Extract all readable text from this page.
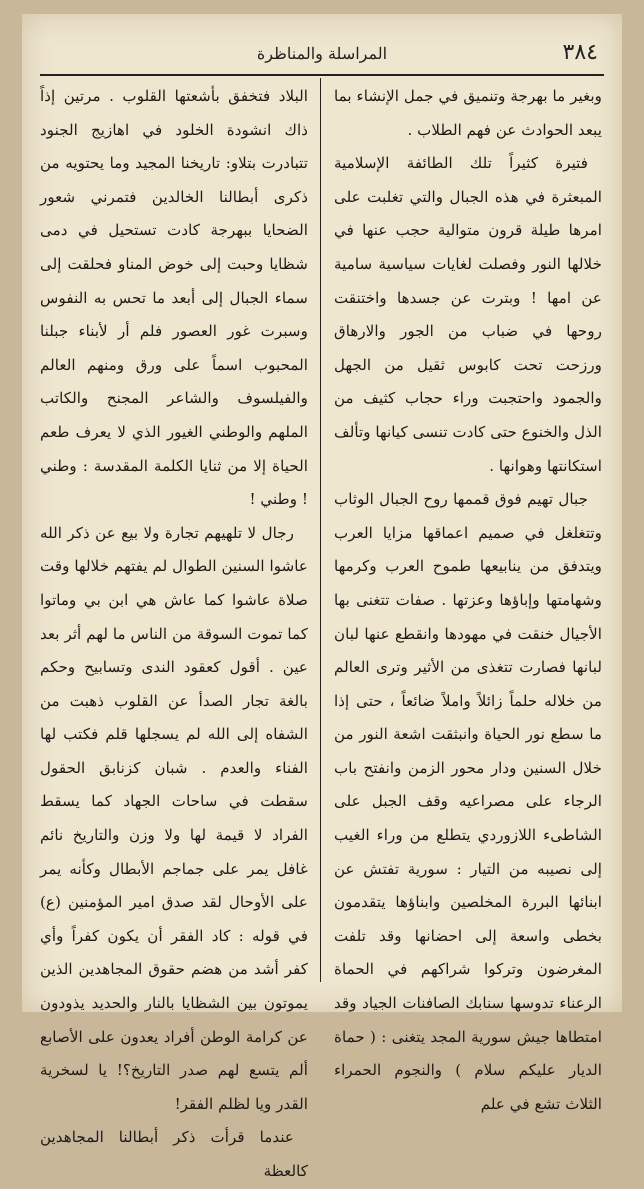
٣٨٤
المراسلة والمناظرة

وبغير ما بهرجة وتنميق في جمل الإنشاء بما يبعد الحوادث عن فهم الطلاب .

فتيرة كثيراً تلك الطائفة الإسلامية المبعثرة في هذه الجبال والتي تغلبت على امرها طيلة قرون متوالية حجب عنها في خلالها النور وفصلت لغايات سياسية سامية عن امها ! وبترت عن جسدها واختنقت روحها في ضباب من الجور والارهاق ورزحت تحت كابوس ثقيل من الجهل والجمود واحتجبت وراء حجاب كثيف من الذل والخنوع حتى كادت تنسى كيانها وتألف استكانتها وهوانها .

جبال تهيم فوق قممها روح الجبال الوثاب وتتغلغل في صميم اعماقها مزايا العرب ويتدفق من ينابيعها طموح العرب وكرمها وشهامتها وإباؤها وعزتها . صفات تتغنى بها الأجيال خنقت في مهودها وانقطع عنها لبان لبانها فصارت تتغذى من الأثير وترى العالم من خلاله حلماً زائلاً واملاً ضائعاً ، حتى إذا ما سطع نور الحياة وانبثقت اشعة النور من خلال السنين ودار محور الزمن وانفتح باب الرجاء على مصراعيه وقف الجبل على الشاطىء اللازوردي يتطلع من وراء الغيب إلى نصيبه من التيار : سورية تفتش عن ابنائها البررة المخلصين وابناؤها يتقدمون بخطى واسعة إلى احضانها وقد تلفت المغرضون وتركوا شراكهم في الحماة الرعناء تدوسها سنابك الصافنات الجياد وقد امتطاها جيش سورية المجد يتغنى : ( حماة الديار عليكم سلام ) والنجوم الحمراء الثلاث تشع في علم

البلاد فتخفق بأشعتها القلوب . مرتين إذاً ذاك انشودة الخلود في اهازيج الجنود تتبادرت بتلاو: تاريخنا المجيد وما يحتويه من ذكرى أبطالنا الخالدين فتمرني شعور الضحايا ببهرجة كادت تستحيل في دمى شظايا وحبت إلى خوض المناو فحلقت إلى سماء الجبال إلى أبعد ما تحس به النفوس وسبرت غور العصور فلم أر لأبناء جبلنا المحبوب اسماً على ورق ومنهم العالم والفيلسوف والشاعر المجنح والكاتب الملهم والوطني الغيور الذي لا يعرف طعم الحياة إلا من ثنايا الكلمة المقدسة : وطني ! وطني !

رجال لا تلهيهم تجارة ولا بيع عن ذكر الله عاشوا السنين الطوال لم يفتهم خلالها وقت صلاة عاشوا كما عاش هي ابن بي وماتوا كما تموت السوقة من الناس ما لهم أثر بعد عين . أقول كعقود الندى وتسابيح وحكم بالغة تجار الصدأ عن القلوب ذهبت من الشفاه إلى الله لم يسجلها قلم فكتب لها الفناء والعدم . شبان كزنابق الحقول سقطت في ساحات الجهاد كما يسقط الفراد لا قيمة لها ولا وزن والتاريخ نائم غافل يمر على جماجم الأبطال وكأنه يمر على الأوحال لقد صدق امير المؤمنين (ع) في قوله : كاد الفقر أن يكون كفراً وأي كفر أشد من هضم حقوق المجاهدين الذين يموتون بين الشظايا بالنار والحديد يذودون عن كرامة الوطن أفراد يعدون على الأصابع ألم يتسع لهم صدر التاريخ؟! يا لسخرية القدر ويا لظلم الفقر!

عندما قرأت ذكر أبطالنا المجاهدين كالعظة
